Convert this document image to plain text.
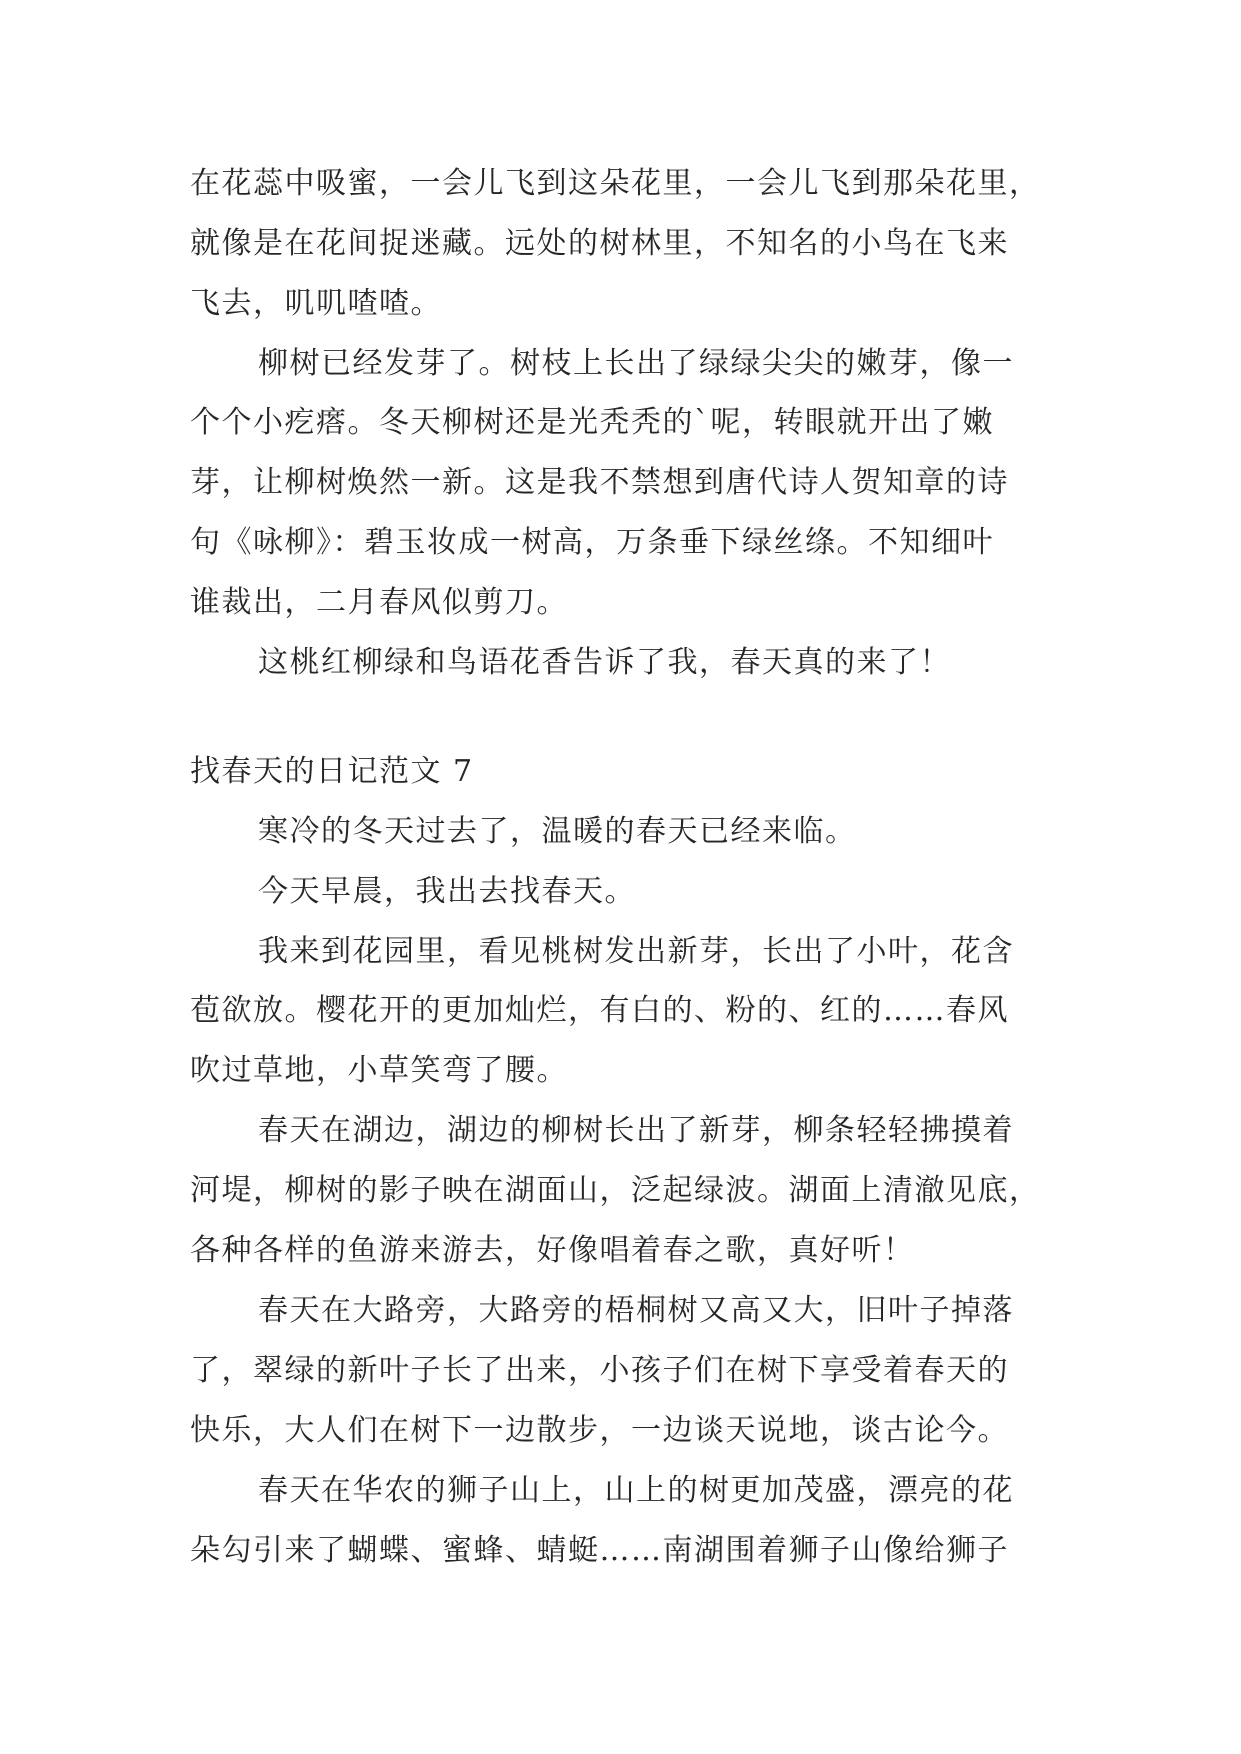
在花蕊中吸蜜，一会儿飞到这朵花里，一会儿飞到那朵花里，
就像是在花间捉迷藏。远处的树林里，不知名的小鸟在飞来
飞去，叽叽喳喳。
柳树已经发芽了。树枝上长出了绿绿尖尖的嫩芽，像一
个个小疙瘩。冬天柳树还是光秃秃的`呢，转眼就开出了嫩
芽，让柳树焕然一新。这是我不禁想到唐代诗人贺知章的诗
句《咏柳》：碧玉妆成一树高，万条垂下绿丝绦。不知细叶
谁裁出，二月春风似剪刀。
这桃红柳绿和鸟语花香告诉了我，春天真的来了！
找春天的日记范文 7
寒冷的冬天过去了，温暖的春天已经来临。
今天早晨，我出去找春天。
我来到花园里，看见桃树发出新芽，长出了小叶，花含
苞欲放。樱花开的更加灿烂，有白的、粉的、红的……春风
吹过草地，小草笑弯了腰。
春天在湖边，湖边的柳树长出了新芽，柳条轻轻拂摸着
河堤，柳树的影子映在湖面山，泛起绿波。湖面上清澈见底，
各种各样的鱼游来游去，好像唱着春之歌，真好听！
春天在大路旁，大路旁的梧桐树又高又大，旧叶子掉落
了，翠绿的新叶子长了出来，小孩子们在树下享受着春天的
快乐，大人们在树下一边散步，一边谈天说地，谈古论今。
春天在华农的狮子山上，山上的树更加茂盛，漂亮的花
朵勾引来了蝴蝶、蜜蜂、蜻蜓……南湖围着狮子山像给狮子
